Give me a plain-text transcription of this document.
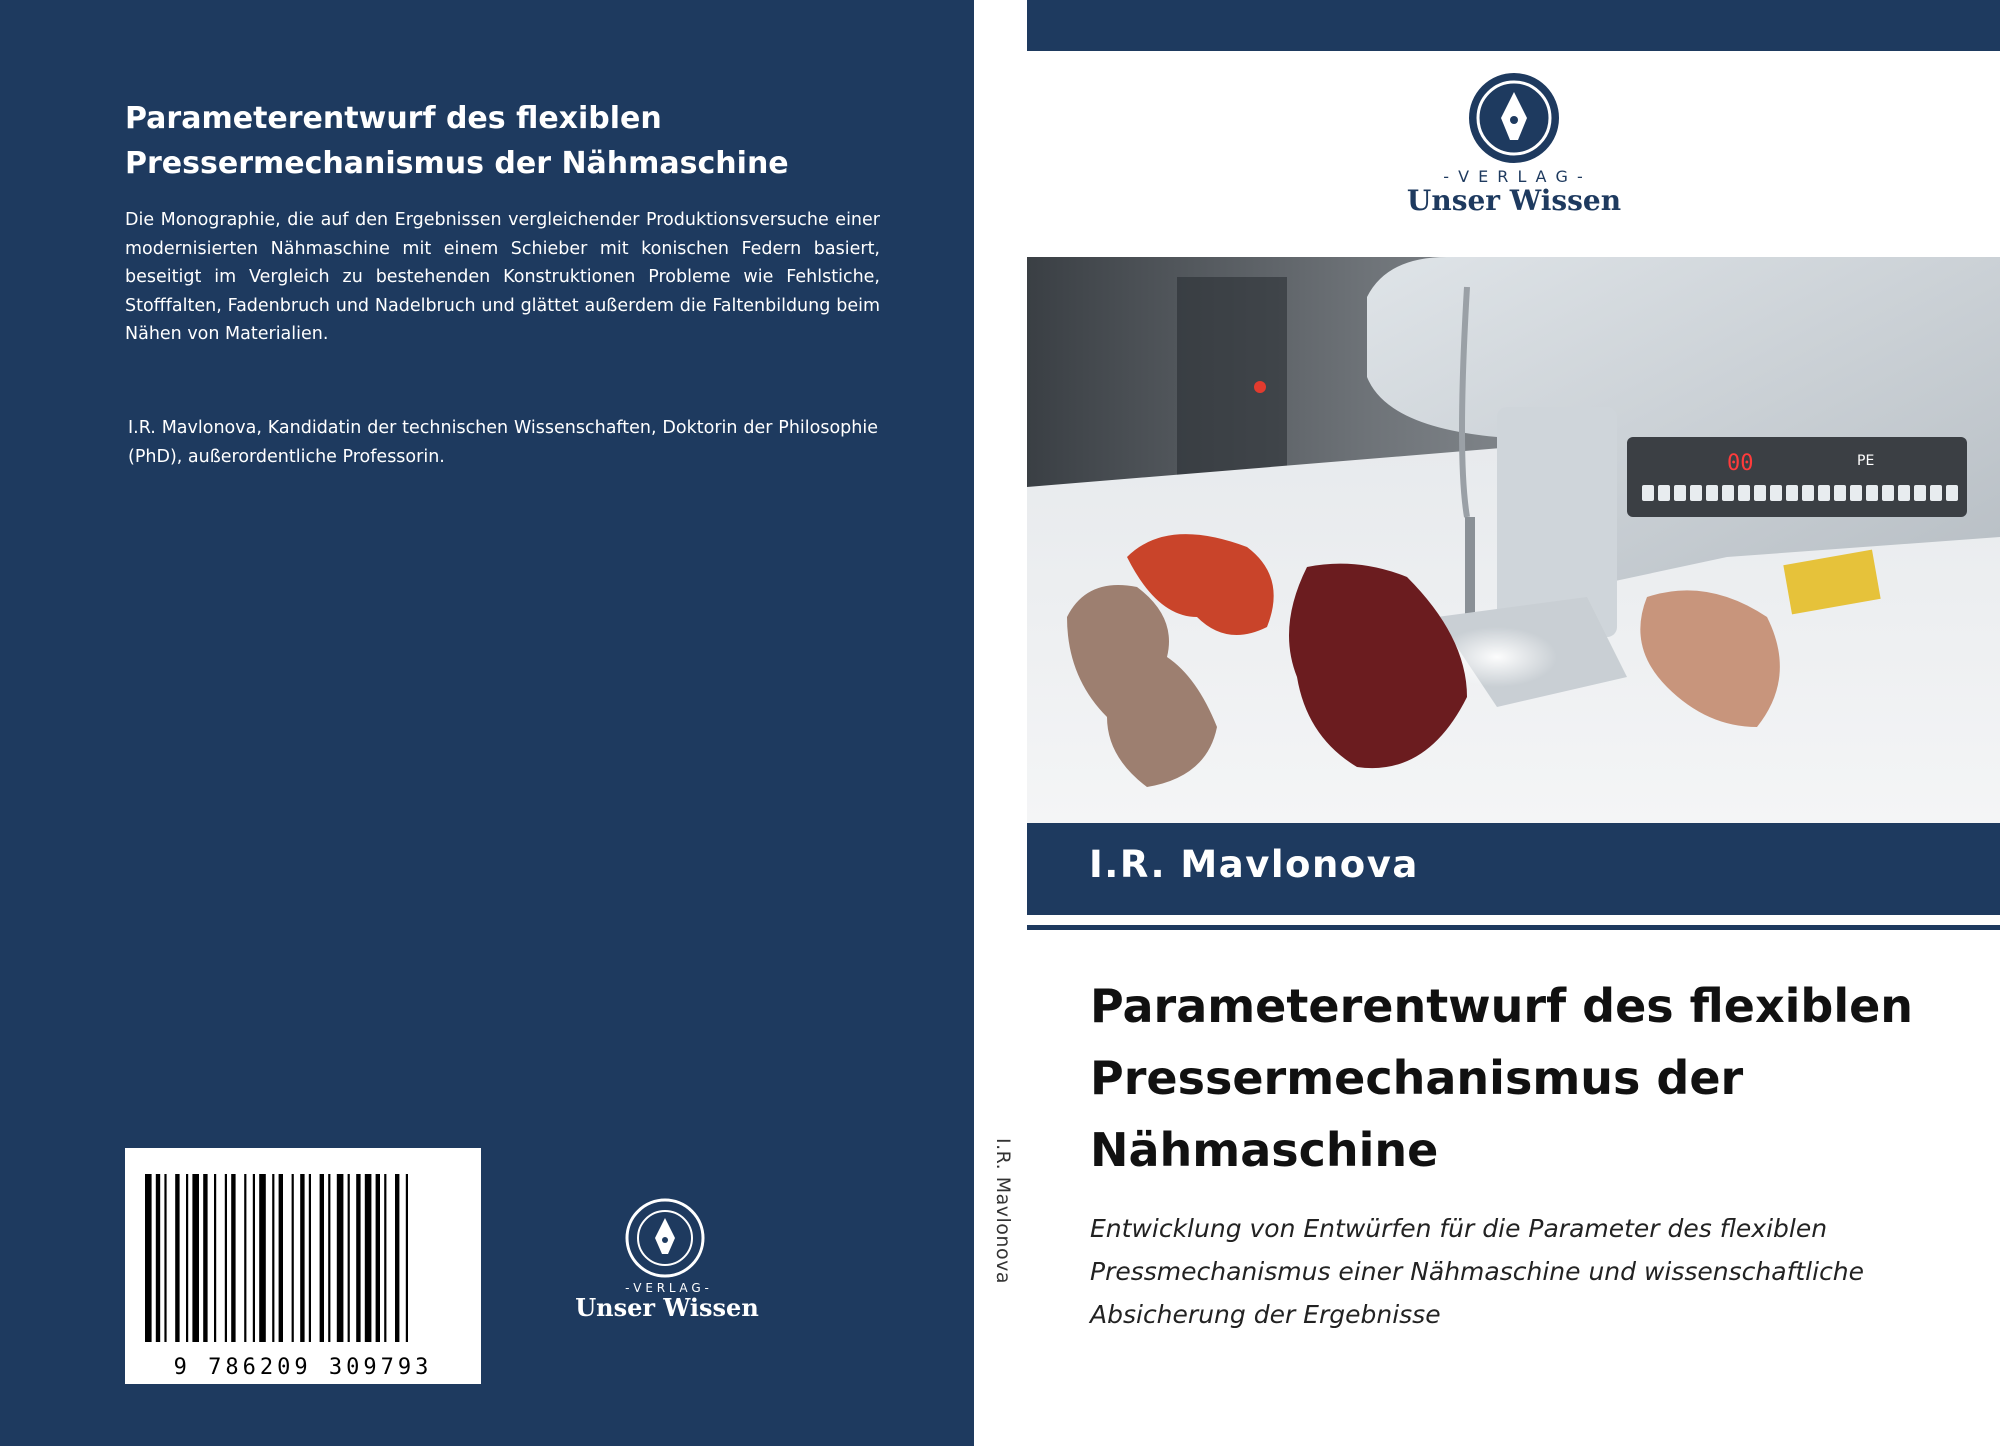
Parameterentwurf des flexiblen Pressermechanismus der Nähmaschine

Die Monographie, die auf den Ergebnissen vergleichender Produktionsversuche einer modernisierten Nähmaschine mit einem Schieber mit konischen Federn basiert, beseitigt im Vergleich zu bestehenden Konstruktionen Probleme wie Fehlstiche, Stofffalten, Fadenbruch und Nadelbruch und glättet außerdem die Faltenbildung beim Nähen von Materialien.

I.R. Mavlonova, Kandidatin der technischen Wissenschaften, Doktorin der Philosophie (PhD), außerordentliche Professorin.

9 786209 309793
- V E R L A G -
Unser Wissen
I.R. Mavlonova
- V E R L A G -
Unser Wissen
00	PE
I.R. Mavlonova
Parameterentwurf des flexiblen Pressermechanismus der Nähmaschine

Entwicklung von Entwürfen für die Parameter des flexiblen Pressmechanismus einer Nähmaschine und wissenschaftliche Absicherung der Ergebnisse
